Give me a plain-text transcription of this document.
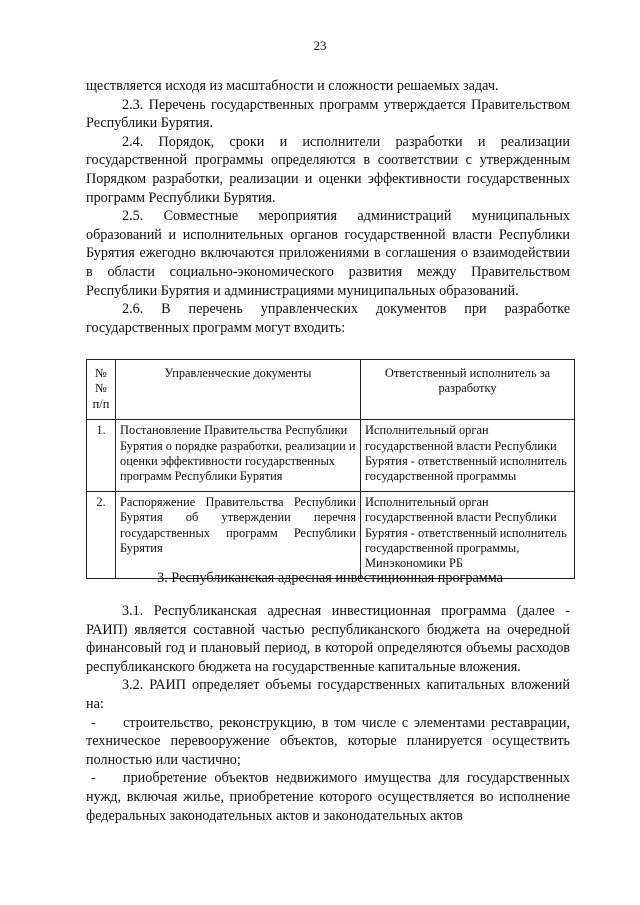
23

ществляется исходя из масштабности и сложности решаемых задач.

2.3. Перечень государственных программ утверждается Правительством Республики Бурятия.

2.4. Порядок, сроки и исполнители разработки и реализации государственной программы определяются в соответствии с утвержденным Порядком разработки, реализации и оценки эффективности государственных программ Республики Бурятия.

2.5. Совместные мероприятия администраций муниципальных образований и исполнительных органов государственной власти Республики Бурятия ежегодно включаются приложениями в соглашения о взаимодействии в области социально-экономического развития между Правительством Республики Бурятия и администрациями муниципальных образований.

2.6. В перечень управленческих документов при разработке государственных программ могут входить:

№№ п/п	Управленческие документы	Ответственный исполнитель за разработку
1.	Постановление Правительства Республики Бурятия о порядке разработки, реализации и оценки эффективности государственных программ Республики Бурятия	Исполнительный орган государственной власти Республики Бурятия - ответственный исполнитель государственной программы
2.	Распоряжение Правительства Республики Бурятия об утверждении перечня государственных программ Республики Бурятия	Исполнительный орган государственной власти Республики Бурятия - ответственный исполнитель государственной программы, Минэкономики РБ
3. Республиканская адресная инвестиционная программа

3.1. Республиканская адресная инвестиционная программа (далее - РАИП) является составной частью республиканского бюджета на очередной финансовый год и плановый период, в которой определяются объемы расходов республиканского бюджета на государственные капитальные вложения.

3.2. РАИП определяет объемы государственных капитальных вложений на:

- строительство, реконструкцию, в том числе с элементами реставрации, техническое перевооружение объектов, которые планируется осуществить полностью или частично;

- приобретение объектов недвижимого имущества для государственных нужд, включая жилье, приобретение которого осуществляется во исполнение федеральных законодательных актов и законодательных актов
